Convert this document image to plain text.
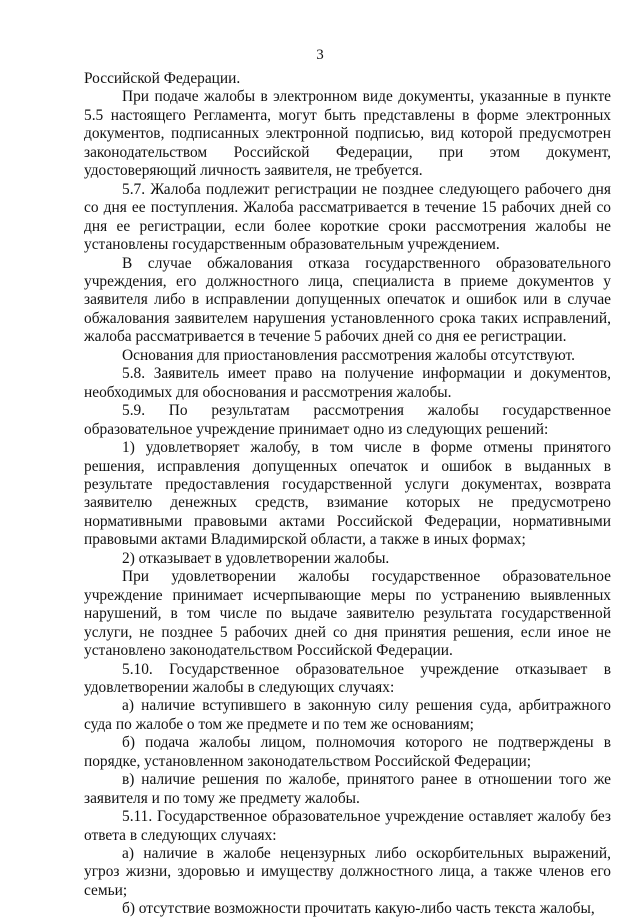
3

Российской Федерации.

При подаче жалобы в электронном виде документы, указанные в пункте 5.5 настоящего Регламента, могут быть представлены в форме электронных документов, подписанных электронной подписью, вид которой предусмотрен законодательством Российской Федерации, при этом документ, удостоверяющий личность заявителя, не требуется.

5.7. Жалоба подлежит регистрации не позднее следующего рабочего дня со дня ее поступления. Жалоба рассматривается в течение 15 рабочих дней со дня ее регистрации, если более короткие сроки рассмотрения жалобы не установлены государственным образовательным учреждением.

В случае обжалования отказа государственного образовательного учреждения, его должностного лица, специалиста в приеме документов у заявителя либо в исправлении допущенных опечаток и ошибок или в случае обжалования заявителем нарушения установленного срока таких исправлений, жалоба рассматривается в течение 5 рабочих дней со дня ее регистрации.

Основания для приостановления рассмотрения жалобы отсутствуют.

5.8. Заявитель имеет право на получение информации и документов, необходимых для обоснования и рассмотрения жалобы.

5.9. По результатам рассмотрения жалобы государственное образовательное учреждение принимает одно из следующих решений:

1) удовлетворяет жалобу, в том числе в форме отмены принятого решения, исправления допущенных опечаток и ошибок в выданных в результате предоставления государственной услуги документах, возврата заявителю денежных средств, взимание которых не предусмотрено нормативными правовыми актами Российской Федерации, нормативными правовыми актами Владимирской области, а также в иных формах;

2) отказывает в удовлетворении жалобы.

При удовлетворении жалобы государственное образовательное учреждение принимает исчерпывающие меры по устранению выявленных нарушений, в том числе по выдаче заявителю результата государственной услуги, не позднее 5 рабочих дней со дня принятия решения, если иное не установлено законодательством Российской Федерации.

5.10. Государственное образовательное учреждение отказывает в удовлетворении жалобы в следующих случаях:

а) наличие вступившего в законную силу решения суда, арбитражного суда по жалобе о том же предмете и по тем же основаниям;

б) подача жалобы лицом, полномочия которого не подтверждены в порядке, установленном законодательством Российской Федерации;

в) наличие решения по жалобе, принятого ранее в отношении того же заявителя и по тому же предмету жалобы.

5.11. Государственное образовательное учреждение оставляет жалобу без ответа в следующих случаях:

а) наличие в жалобе нецензурных либо оскорбительных выражений, угроз жизни, здоровью и имуществу должностного лица, а также членов его семьи;

б) отсутствие возможности прочитать какую-либо часть текста жалобы,
